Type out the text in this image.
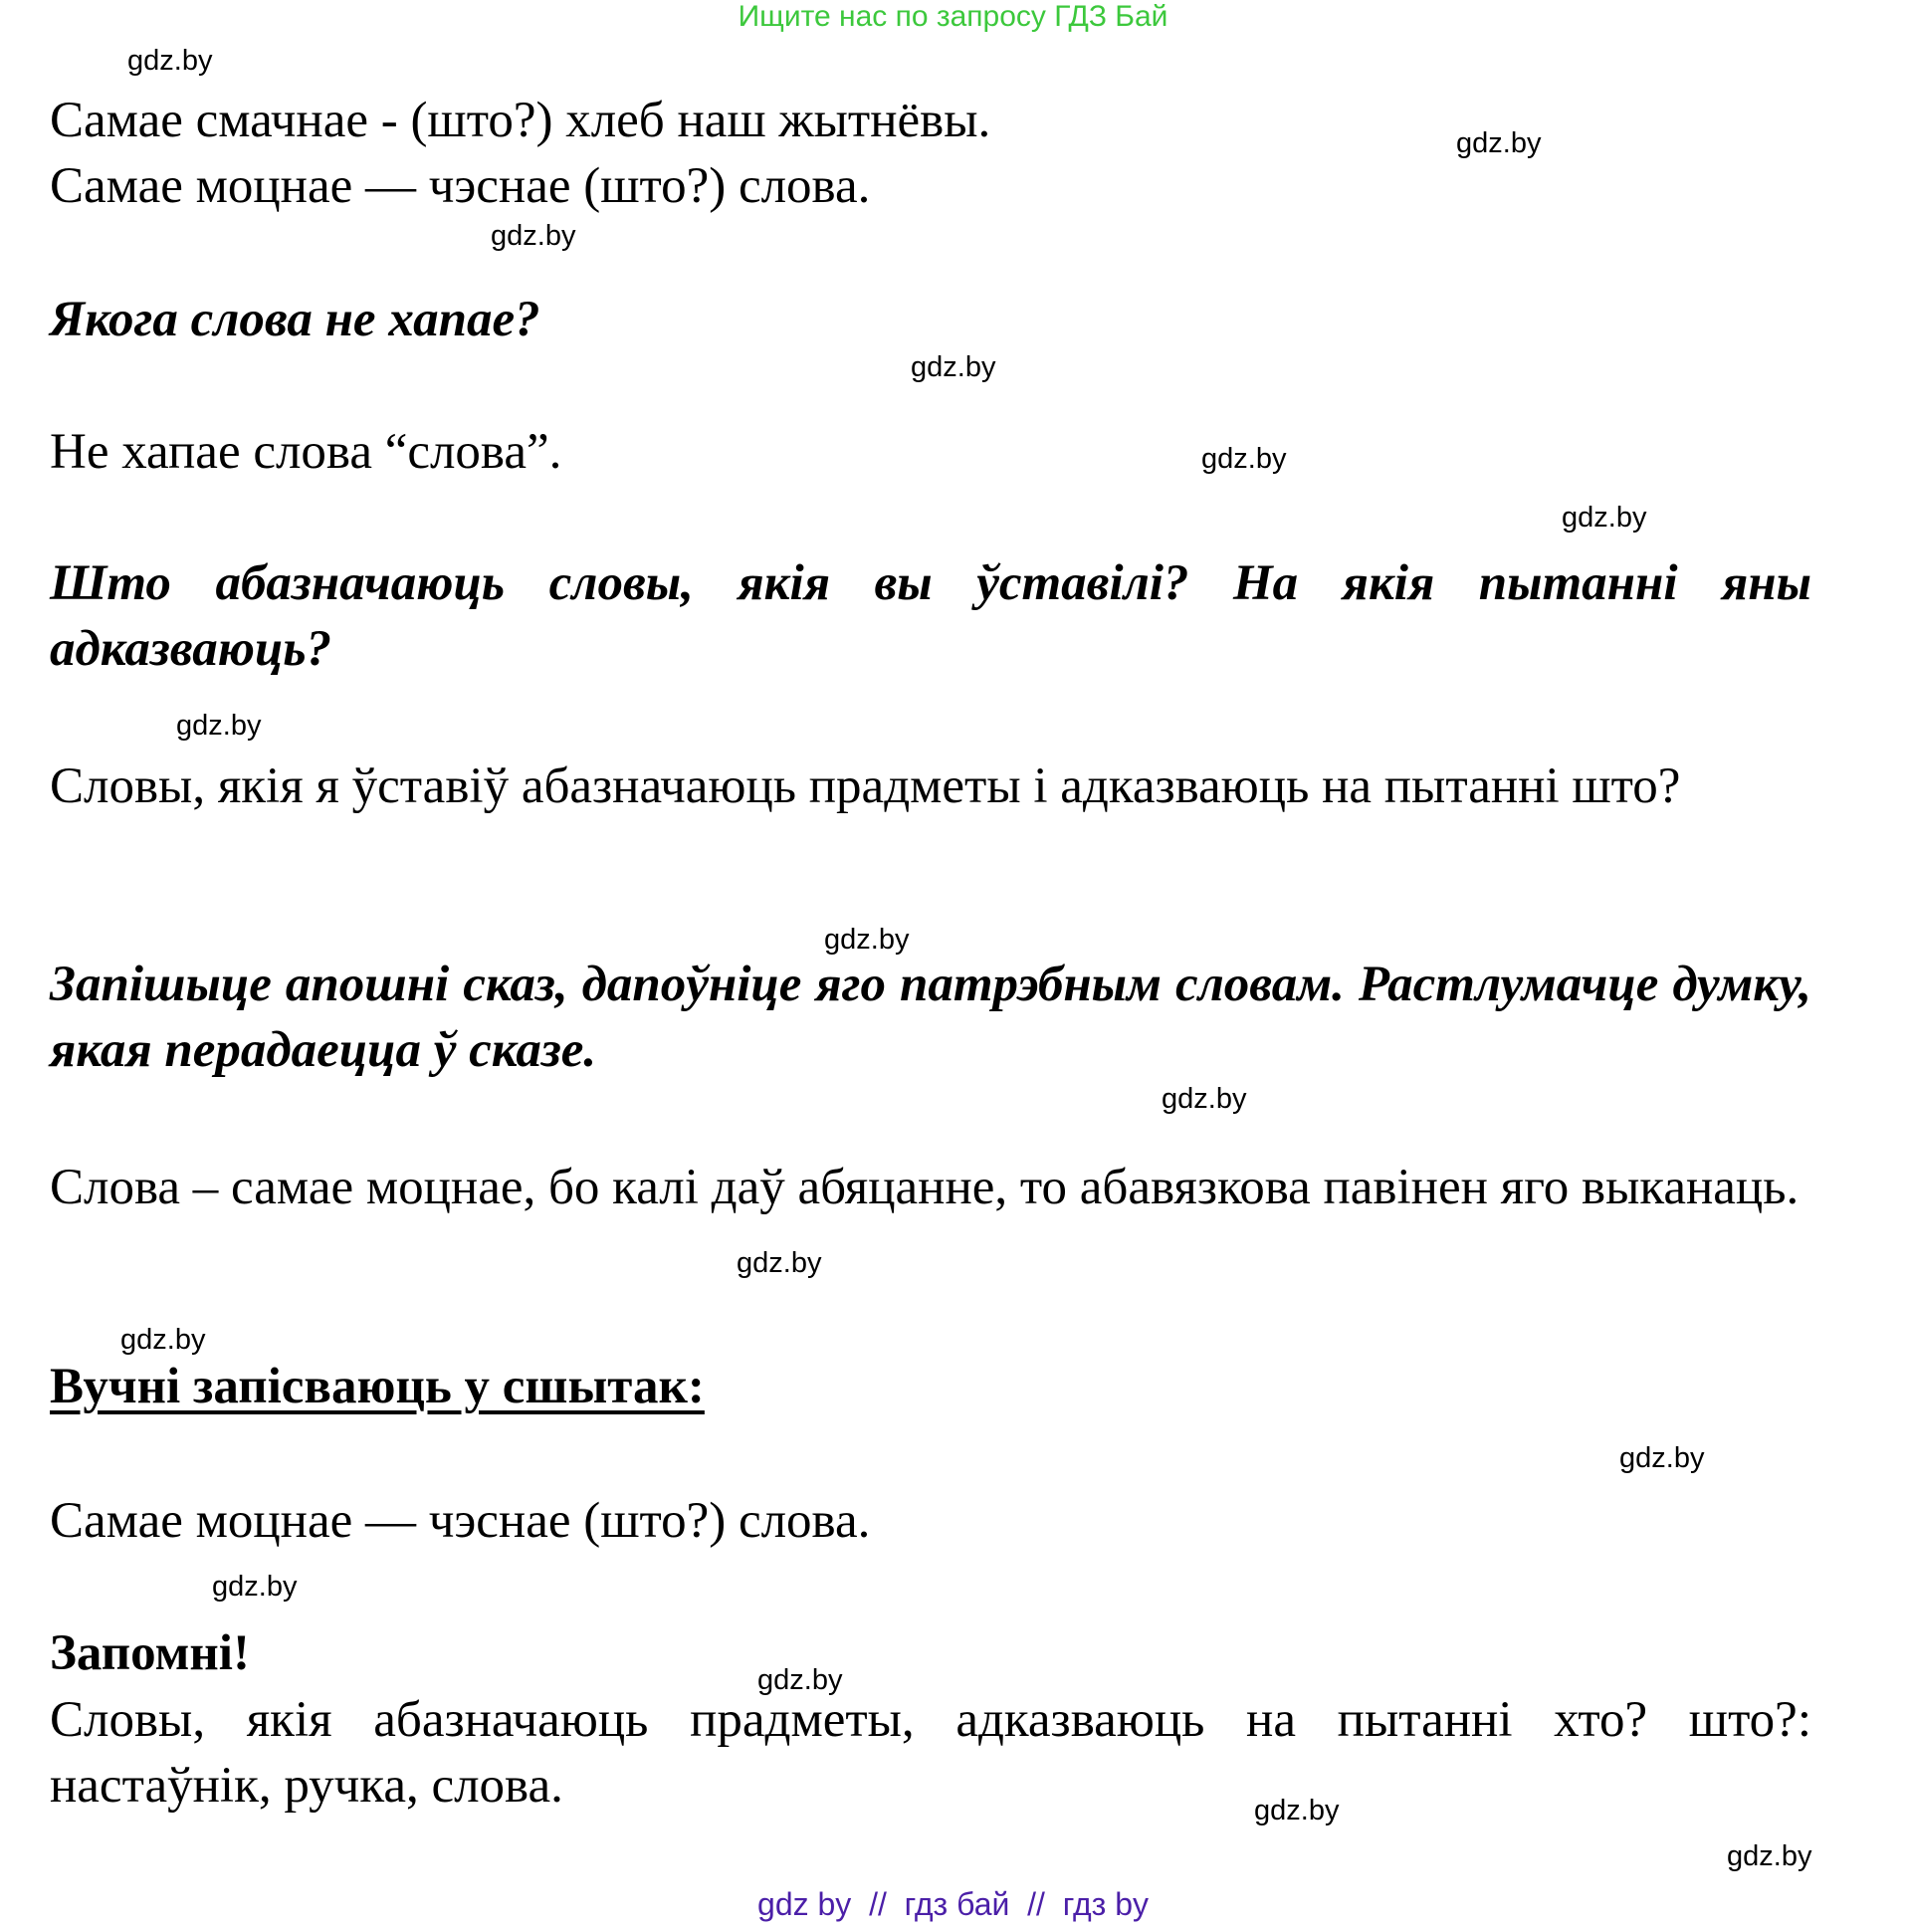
Ищите нас по запросу ГДЗ Бай
gdz.by
gdz.by
gdz.by
gdz.by
gdz.by
gdz.by
gdz.by
gdz.by
gdz.by
gdz.by
gdz.by
gdz.by
gdz.by
gdz.by
gdz.by
gdz.by
Самае смачнае - (што?) хлеб наш жытнёвы.
Самае моцнае — чэснае (што?) слова.
Якога слова не хапае?
Не хапае слова “слова”.
Што абазначаюць словы, якія вы ўставілі? На якія пытанні яны адказваюць?
Словы, якія я ўставіў абазначаюць прадметы і адказваюць на пытанні што?
Запішыце апошні сказ, дапоўніце яго патрэбным словам. Растлумачце думку, якая перадаецца ў сказе.
Слова – самае моцнае, бо калі даў абяцанне, то абавязкова павінен яго выканаць.
Вучні запісваюць у сшытак:
Самае моцнае — чэснае (што?) слова.
Запомні!
Словы, якія абазначаюць прадметы, адказваюць на пытанні хто? што?: настаўнік, ручка, слова.
gdz by  //  гдз бай  //  гдз by
